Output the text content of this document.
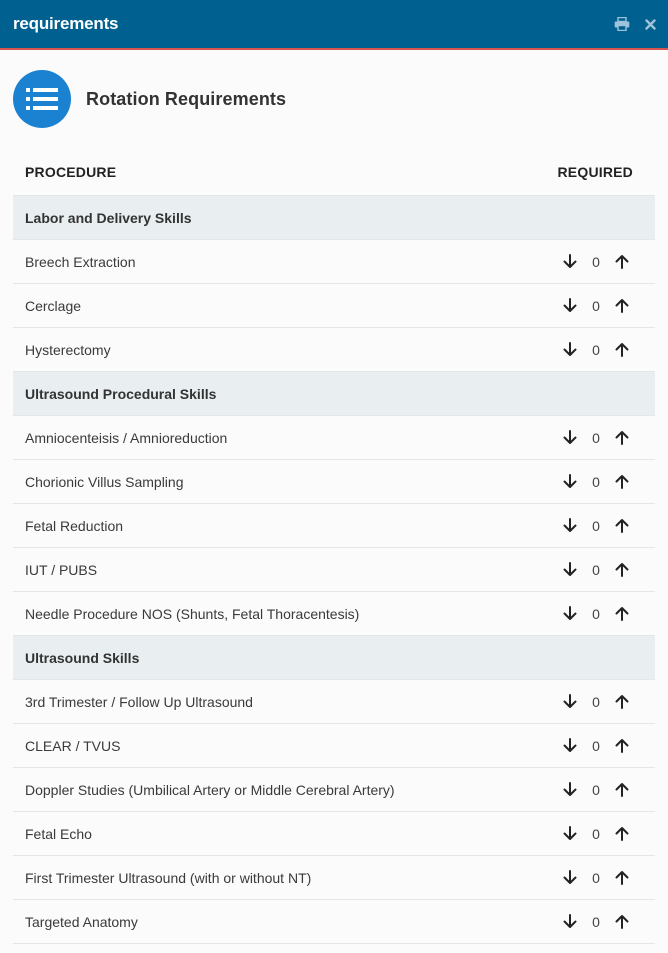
requirements
Rotation Requirements
PROCEDURE	REQUIRED
Labor and Delivery Skills
Breech Extraction	0
Cerclage	0
Hysterectomy	0
Ultrasound Procedural Skills
Amniocenteisis / Amnioreduction	0
Chorionic Villus Sampling	0
Fetal Reduction	0
IUT / PUBS	0
Needle Procedure NOS (Shunts, Fetal Thoracentesis)	0
Ultrasound Skills
3rd Trimester / Follow Up Ultrasound	0
CLEAR / TVUS	0
Doppler Studies (Umbilical Artery or Middle Cerebral Artery)	0
Fetal Echo	0
First Trimester Ultrasound (with or without NT)	0
Targeted Anatomy	0
